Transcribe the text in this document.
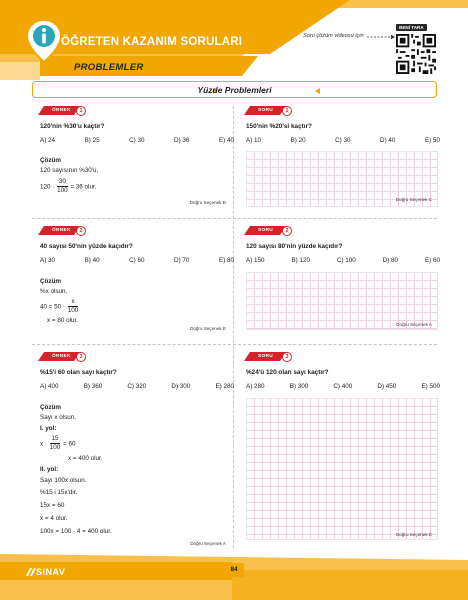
ÖĞRETEN KAZANIM SORULARI
PROBLEMLER
Soru çözüm videosu için
BENİ TARA
Yüzde Problemleri
ÖRNEK	1
120'nin %30'u kaçtır?
A) 24	B) 25	C) 30	D) 36	E) 40
Çözüm
120 sayısının %30'u,
$120 \cdot \frac{30}{100} = 36$ olur.
Doğru Seçenek D
SORU	1
150'nin %20'si kaçtır?
A) 10	B) 20	C) 30	D) 40	E) 50
Doğru Seçenek C
ÖRNEK	2
40 sayısı 50'nin yüzde kaçıdır?
A) 30	B) 40	C) 60	D) 70	E) 80
Çözüm
%x olsun.
$40 = 50 \cdot \frac{x}{100}$
x = 80 olur.
Doğru Seçenek E
SORU	2
120 sayısı 80'nin yüzde kaçıdır?
A) 150	B) 120	C) 100	D) 80	E) 60
Doğru Seçenek A
ÖRNEK	3
%15'i 60 olan sayı kaçtır?
A) 400	B) 360	C) 320	D) 300	E) 280
Çözüm
Sayı x olsun.
I. yol:
$x \cdot \frac{15}{100} = 60$
x = 400 olur.
II. yol:
Sayı 100x olsun.
%15 i 15x'dir.
15x = 60
x = 4 olur.
100x = 100 · 4 = 400 olur.
Doğru Seçenek A
SORU	3
%24'ü 120 olan sayı kaçtır?
A) 280	B) 300	C) 400	D) 450	E) 500
Doğru Seçenek E
SINAV	84
